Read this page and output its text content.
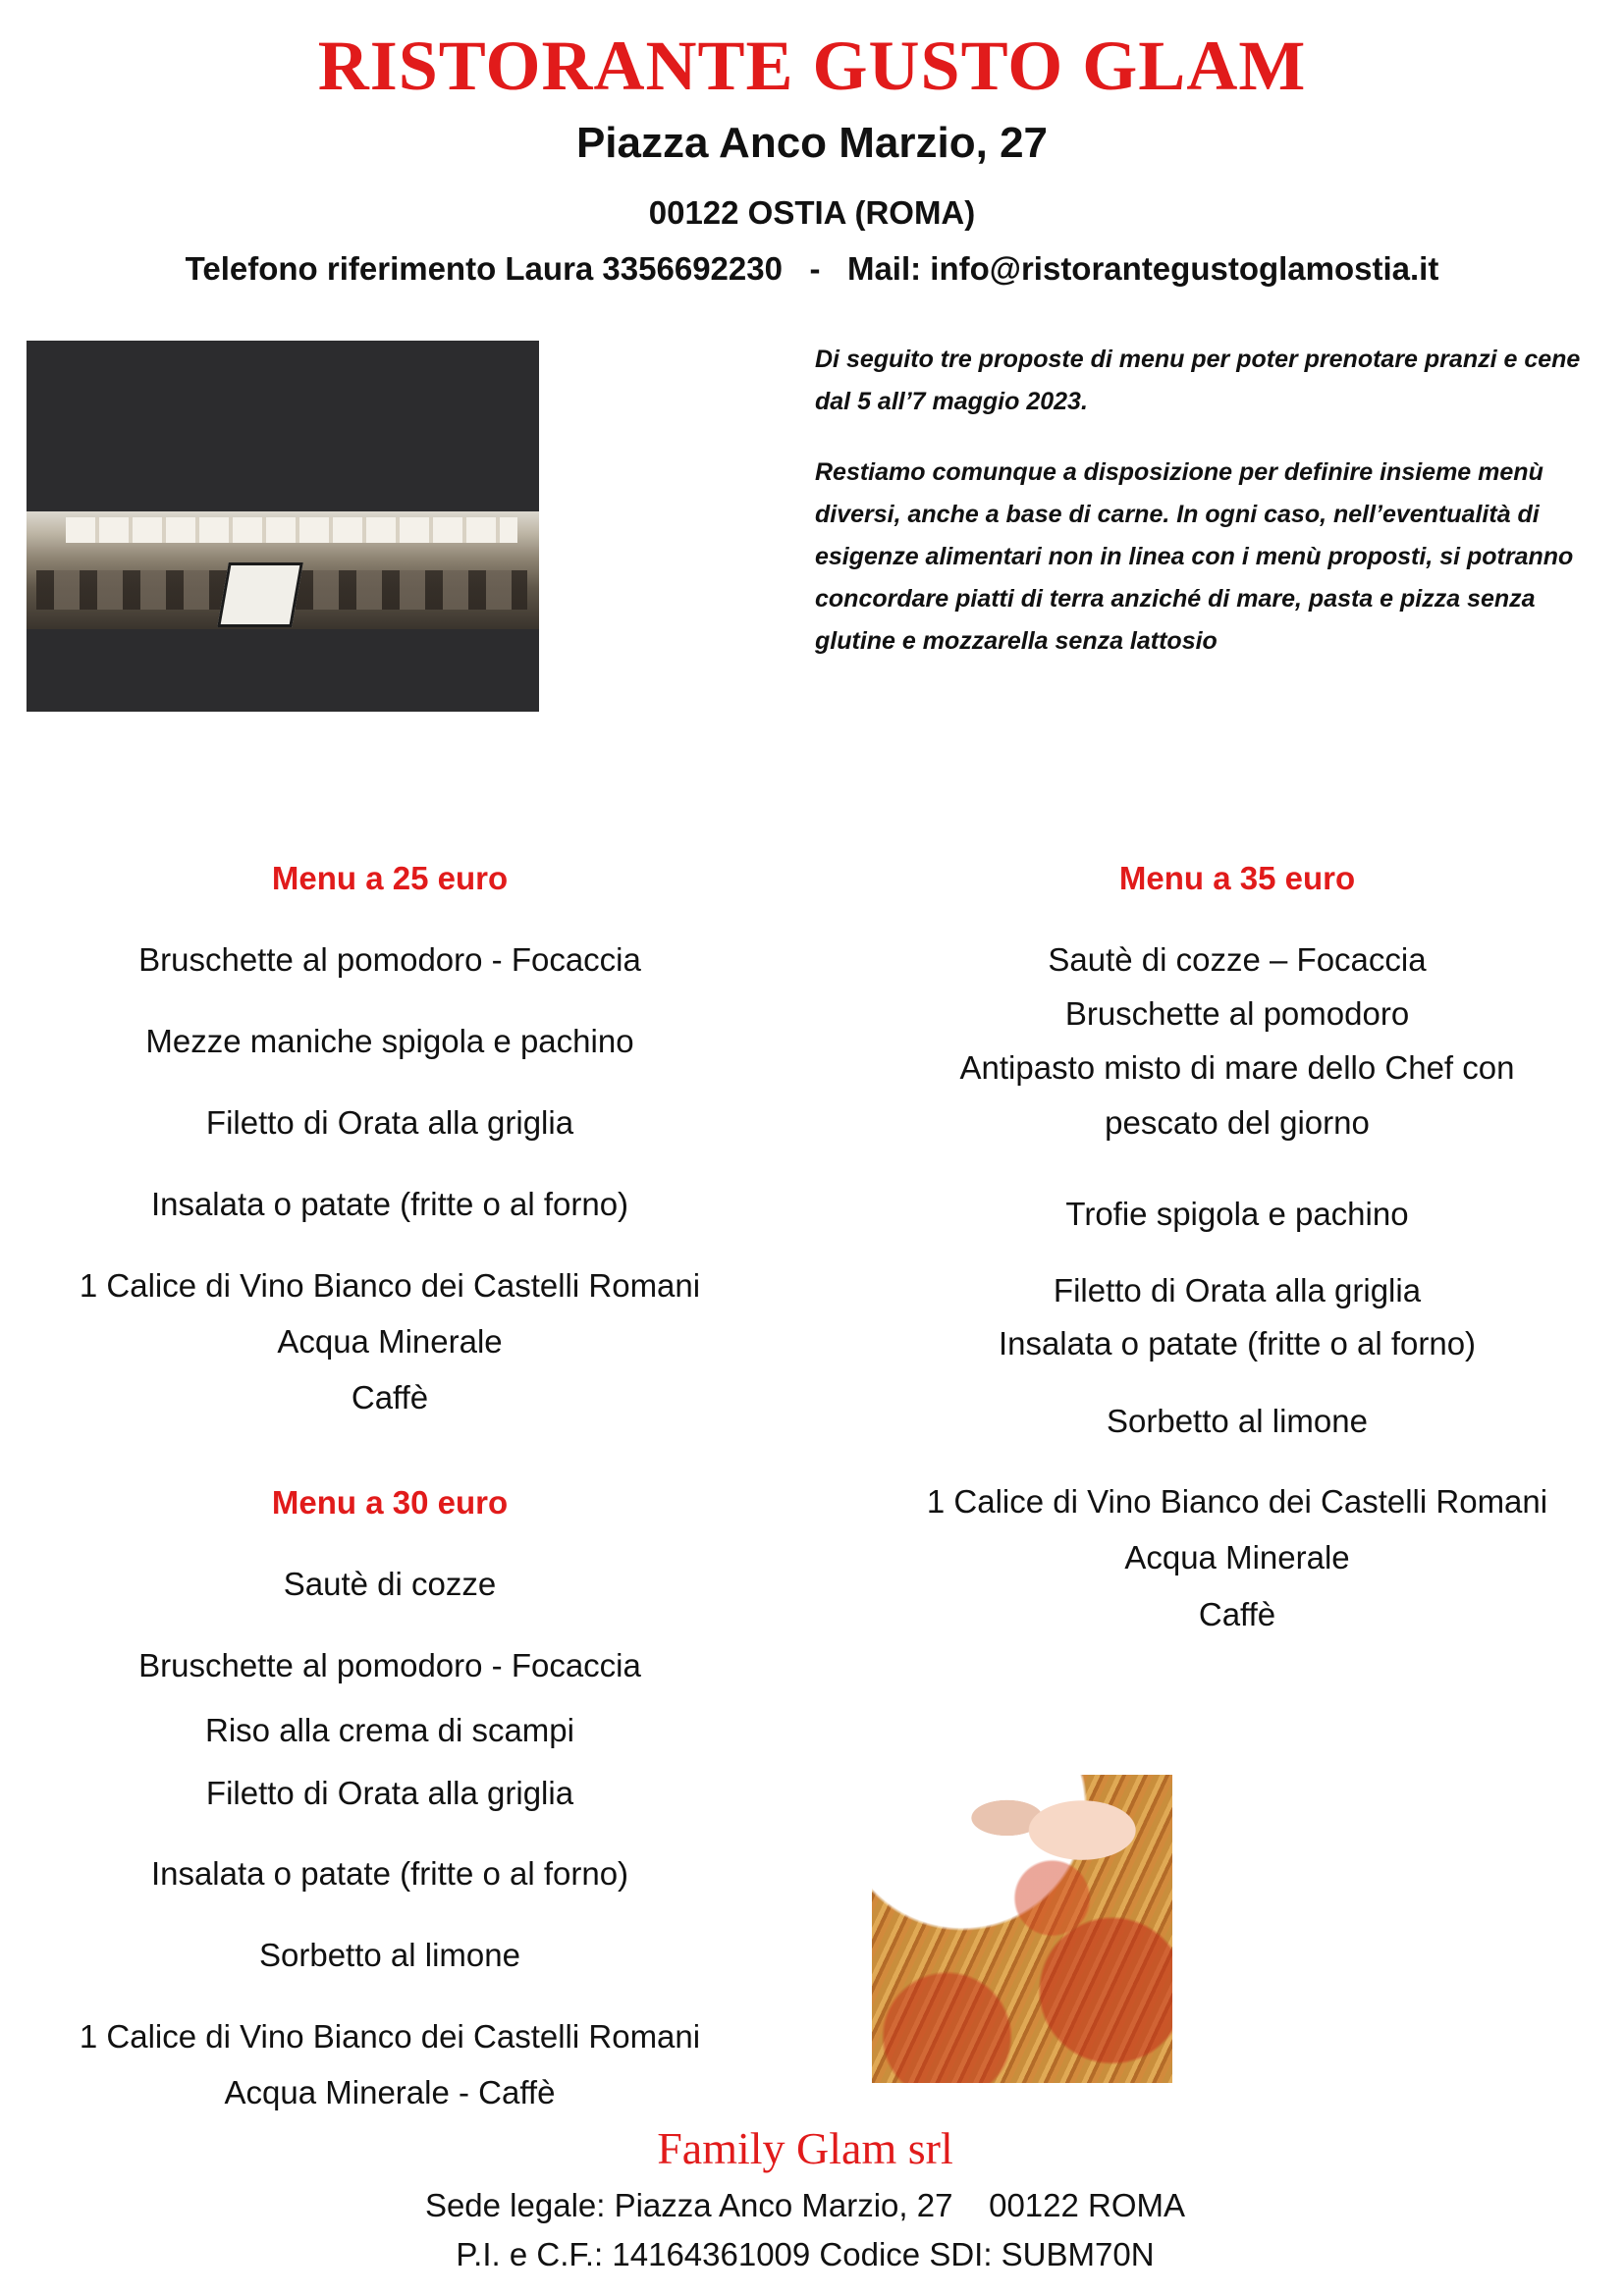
RISTORANTE GUSTO GLAM
Piazza Anco Marzio, 27
00122 OSTIA (ROMA)
Telefono riferimento Laura 3356692230   -   Mail: info@ristorantegustoglamostia.it

Di seguito tre proposte di menu per poter prenotare pranzi e cene dal 5 all’7 maggio 2023.

Restiamo comunque a disposizione per definire insieme menù diversi, anche a base di carne. In ogni caso, nell’eventualità di esigenze alimentari non in linea con i menù proposti, si potranno concordare piatti di terra anziché di mare, pasta e pizza senza glutine e mozzarella senza lattosio

Menu a 25 euro
Bruschette al pomodoro - Focaccia
Mezze maniche spigola e pachino
Filetto di Orata alla griglia
Insalata o patate (fritte o al forno)
1 Calice di Vino Bianco dei Castelli Romani
Acqua Minerale
Caffè
Menu a 30 euro
Sautè di cozze
Bruschette al pomodoro - Focaccia
Riso alla crema di scampi
Filetto di Orata alla griglia
Insalata o patate (fritte o al forno)
Sorbetto al limone
1 Calice di Vino Bianco dei Castelli Romani
Acqua Minerale - Caffè
Menu a 35 euro
Sautè di cozze – Focaccia
Bruschette al pomodoro
Antipasto misto di mare dello Chef con
pescato del giorno
Trofie spigola e pachino
Filetto di Orata alla griglia
Insalata o patate (fritte o al forno)
Sorbetto al limone
1 Calice di Vino Bianco dei Castelli Romani
Acqua Minerale
Caffè
Family Glam srl
Sede legale: Piazza Anco Marzio, 27    00122 ROMA
P.I. e C.F.: 14164361009 Codice SDI: SUBM70N
